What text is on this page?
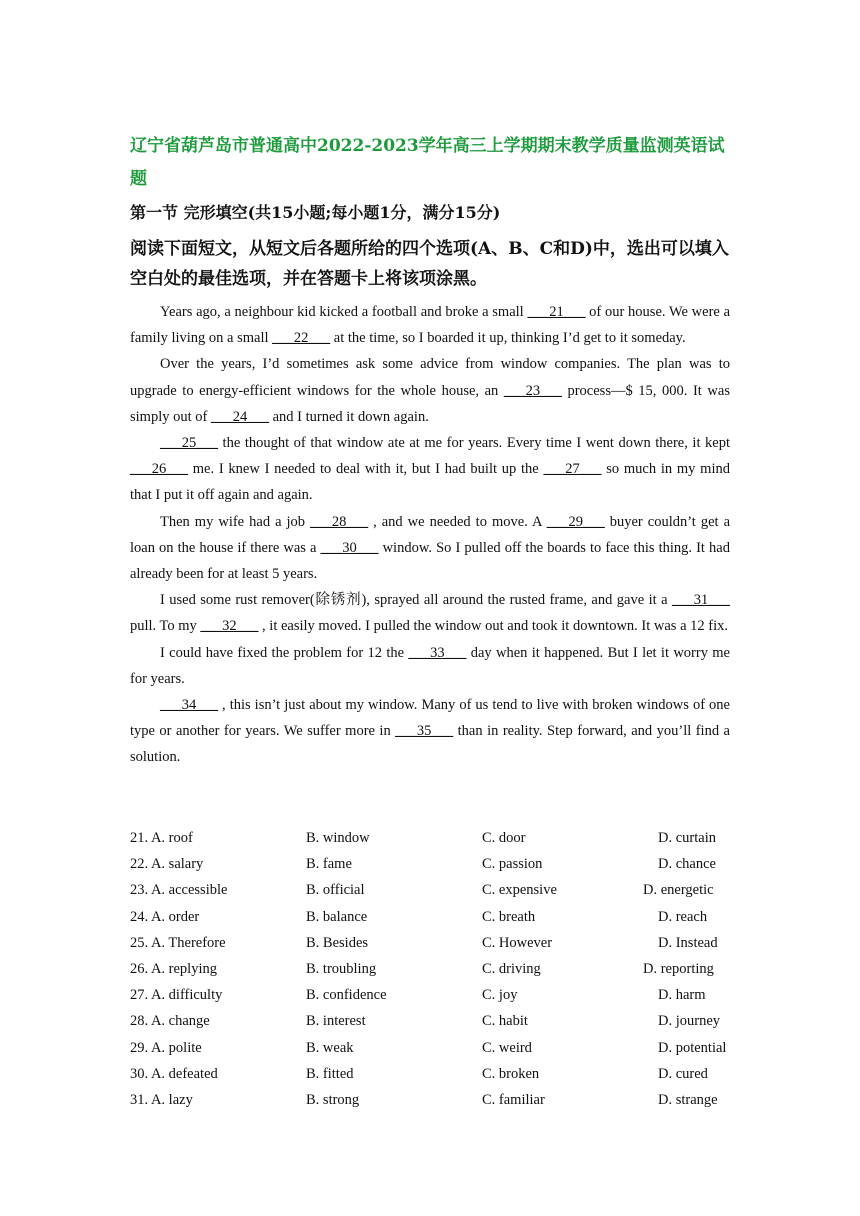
辽宁省葫芦岛市普通高中2022-2023学年高三上学期期末教学质量监测英语试题
第一节 完形填空(共15小题;每小题1分，满分15分)
阅读下面短文，从短文后各题所给的四个选项(A、B、C和D)中，选出可以填入空白处的最佳选项，并在答题卡上将该项涂黑。

Years ago, a neighbour kid kicked a football and broke a small ___21___ of our house. We were a family living on a small ___22___ at the time, so I boarded it up, thinking I’d get to it someday.

Over the years, I’d sometimes ask some advice from window companies. The plan was to upgrade to energy-efficient windows for the whole house, an ___23___ process—$ 15, 000. It was simply out of ___24___ and I turned it down again.

___25___ the thought of that window ate at me for years. Every time I went down there, it kept ___26___ me. I knew I needed to deal with it, but I had built up the ___27___ so much in my mind that I put it off again and again.

Then my wife had a job ___28___ , and we needed to move. A ___29___ buyer couldn’t get a loan on the house if there was a ___30___ window. So I pulled off the boards to face this thing. It had already been for at least 5 years.

I used some rust remover(除锈剂), sprayed all around the rusted frame, and gave it a ___31___ pull. To my ___32___ , it easily moved. I pulled the window out and took it downtown. It was a 12 fix.

I could have fixed the problem for 12 the ___33___ day when it happened. But I let it worry me for years.

___34___ , this isn’t just about my window. Many of us tend to live with broken windows of one type or another for years. We suffer more in ___35___ than in reality. Step forward, and you’ll find a solution.

21. A. roof	B. window	C. door	D. curtain
22. A. salary	B. fame	C. passion	D. chance
23. A. accessible	B. official	C. expensive	D. energetic
24. A. order	B. balance	C. breath	D. reach
25. A. Therefore	B. Besides	C. However	D. Instead
26. A. replying	B. troubling	C. driving	D. reporting
27. A. difficulty	B. confidence	C. joy	D. harm
28. A. change	B. interest	C. habit	D. journey
29. A. polite	B. weak	C. weird	D. potential
30. A. defeated	B. fitted	C. broken	D. cured
31. A. lazy	B. strong	C. familiar	D. strange
